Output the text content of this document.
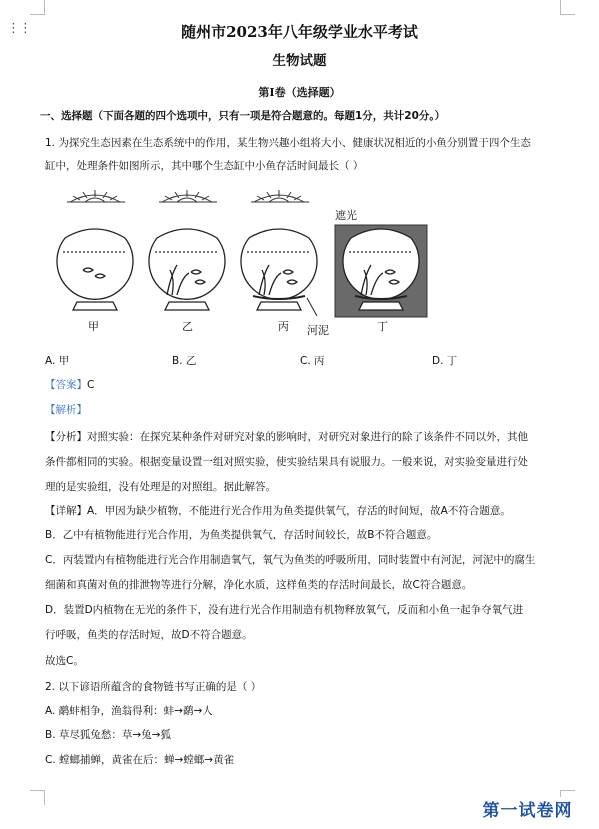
⋮⋮	随州市2023年八年级学业水平考试
生物试题
第Ⅰ卷（选择题）
一、选择题（下面各题的四个选项中，只有一项是符合题意的。每题1分，共计20分。）
1. 为探究生态因素在生态系统中的作用，某生物兴趣小组将大小、健康状况相近的小鱼分别置于四个生态
缸中，处理条件如图所示，其中哪个生态缸中小鱼存活时间最长（ ）
遮光
甲	乙	丙 河泥	丁
A. 甲	B. 乙	C. 丙	D. 丁
【答案】C
【解析】
【分析】对照实验：在探究某种条件对研究对象的影响时，对研究对象进行的除了该条件不同以外，其他
条件都相同的实验。根据变量设置一组对照实验，使实验结果具有说服力。一般来说，对实验变量进行处
理的是实验组，没有处理是的对照组。据此解答。
【详解】A．甲因为缺少植物，不能进行光合作用为鱼类提供氧气，存活的时间短，故A不符合题意。
B．乙中有植物能进行光合作用，为鱼类提供氧气，存活时间较长，故B不符合题意。
C．丙装置内有植物能进行光合作用制造氧气，氧气为鱼类的呼吸所用，同时装置中有河泥，河泥中的腐生
细菌和真菌对鱼的排泄物等进行分解，净化水质，这样鱼类的存活时间最长，故C符合题意。
D．装置D内植物在无光的条件下，没有进行光合作用制造有机物释放氧气，反而和小鱼一起争夺氧气进
行呼吸，鱼类的存活时短，故D不符合题意。
故选C。
2. 以下谚语所蕴含的食物链书写正确的是（ ）
A. 鹬蚌相争，渔翁得利：蚌→鹬→人
B. 草尽狐兔愁：草→兔→狐
C. 螳螂捕蝉，黄雀在后：蝉→螳螂→黄雀
第一试卷网
